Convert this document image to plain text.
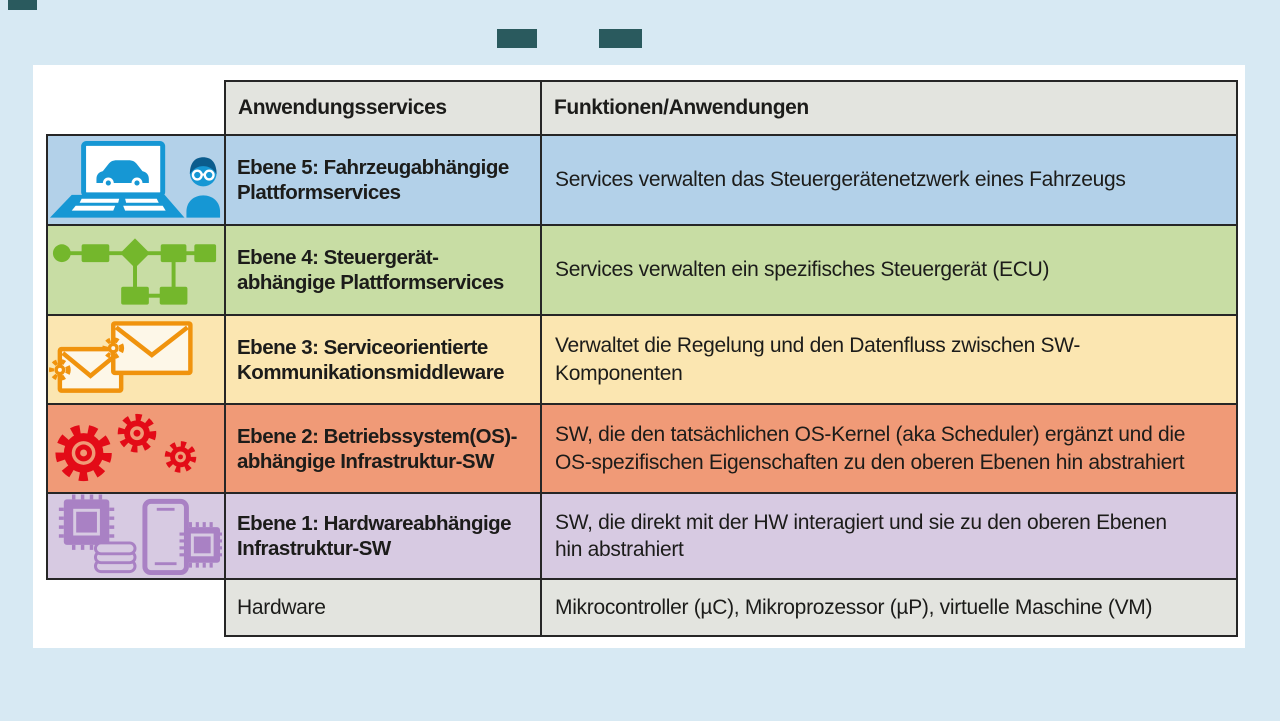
Anwendungsservices	Funktionen/Anwendungen
Ebene 5: Fahrzeugabhängige Plattformservices
Services verwalten das Steuergerätenetzwerk eines Fahrzeugs
Ebene 4: Steuergerät-abhängige Plattformservices
Services verwalten ein spezifisches Steuergerät (ECU)
Ebene 3: Serviceorientierte Kommunikationsmiddleware
Verwaltet die Regelung und den Datenfluss zwischen SW-Komponenten
Ebene 2: Betriebssystem(OS)-abhängige Infrastruktur-SW
SW, die den tatsächlichen OS-Kernel (aka Scheduler) ergänzt und die OS-spezifischen Eigenschaften zu den oberen Ebenen hin abstrahiert
Ebene 1: Hardwareabhängige Infrastruktur-SW
SW, die direkt mit der HW interagiert und sie zu den oberen Ebenen hin abstrahiert
Hardware	Mikrocontroller (µC), Mikroprozessor (µP), virtuelle Maschine (VM)
